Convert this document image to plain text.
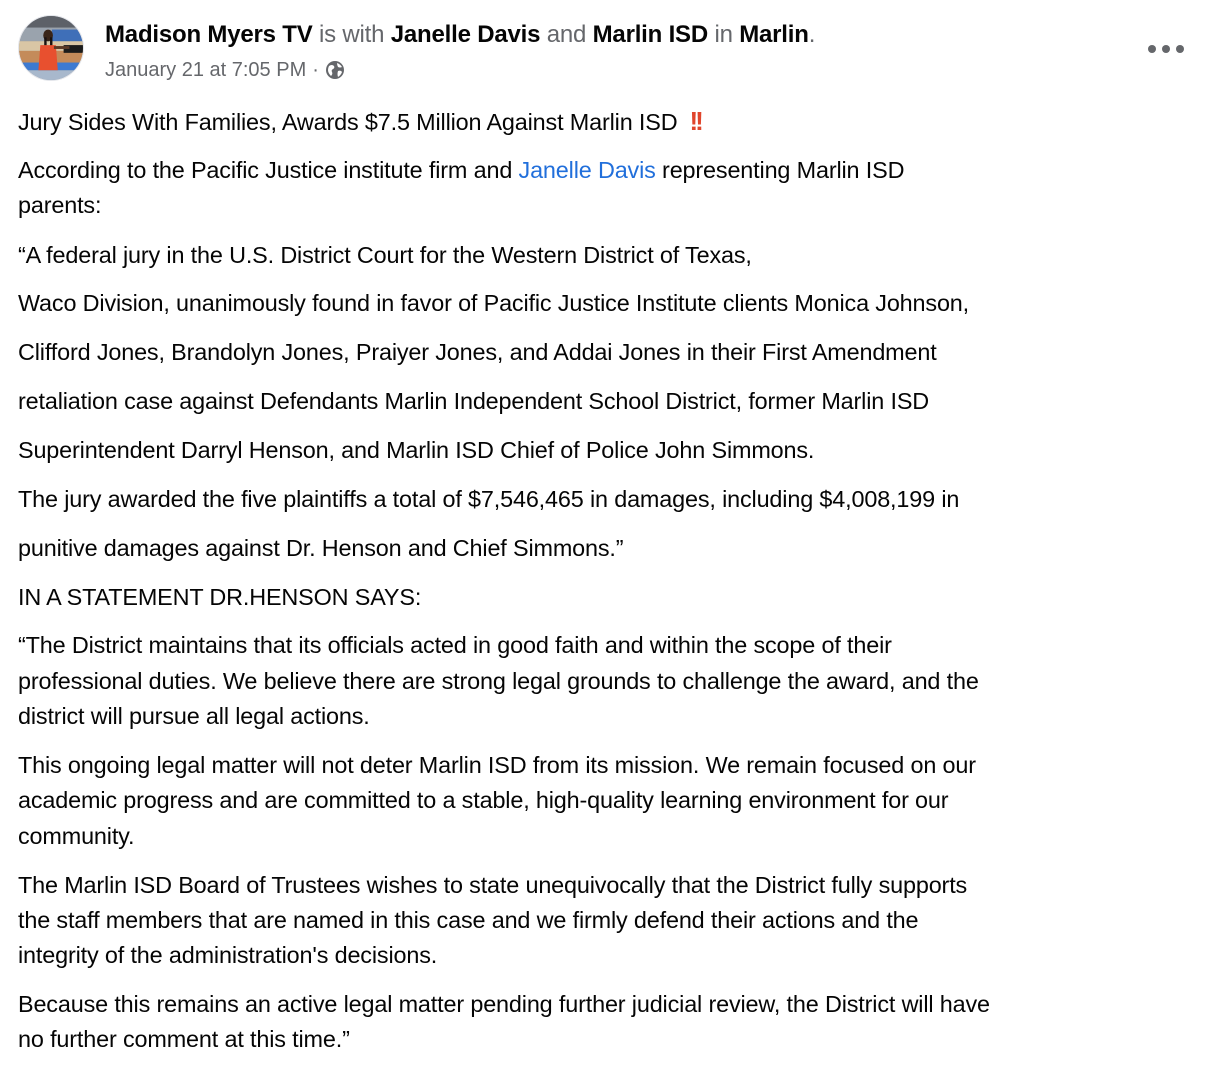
Madison Myers TV is with Janelle Davis and Marlin ISD in Marlin.
January 21 at 7:05 PM ·
Jury Sides With Families, Awards $7.5 Million Against Marlin ISD !!
According to the Pacific Justice institute firm and Janelle Davis representing Marlin ISD
parents:
“A federal jury in the U.S. District Court for the Western District of Texas,
Waco Division, unanimously found in favor of Pacific Justice Institute clients Monica Johnson,
Clifford Jones, Brandolyn Jones, Praiyer Jones, and Addai Jones in their First Amendment
retaliation case against Defendants Marlin Independent School District, former Marlin ISD
Superintendent Darryl Henson, and Marlin ISD Chief of Police John Simmons.
The jury awarded the five plaintiffs a total of $7,546,465 in damages, including $4,008,199 in
punitive damages against Dr. Henson and Chief Simmons.”
IN A STATEMENT DR.HENSON SAYS:
“The District maintains that its officials acted in good faith and within the scope of their
professional duties. We believe there are strong legal grounds to challenge the award, and the
district will pursue all legal actions.
This ongoing legal matter will not deter Marlin ISD from its mission. We remain focused on our
academic progress and are committed to a stable, high-quality learning environment for our
community.
The Marlin ISD Board of Trustees wishes to state unequivocally that the District fully supports
the staff members that are named in this case and we firmly defend their actions and the
integrity of the administration's decisions.
Because this remains an active legal matter pending further judicial review, the District will have
no further comment at this time.”
